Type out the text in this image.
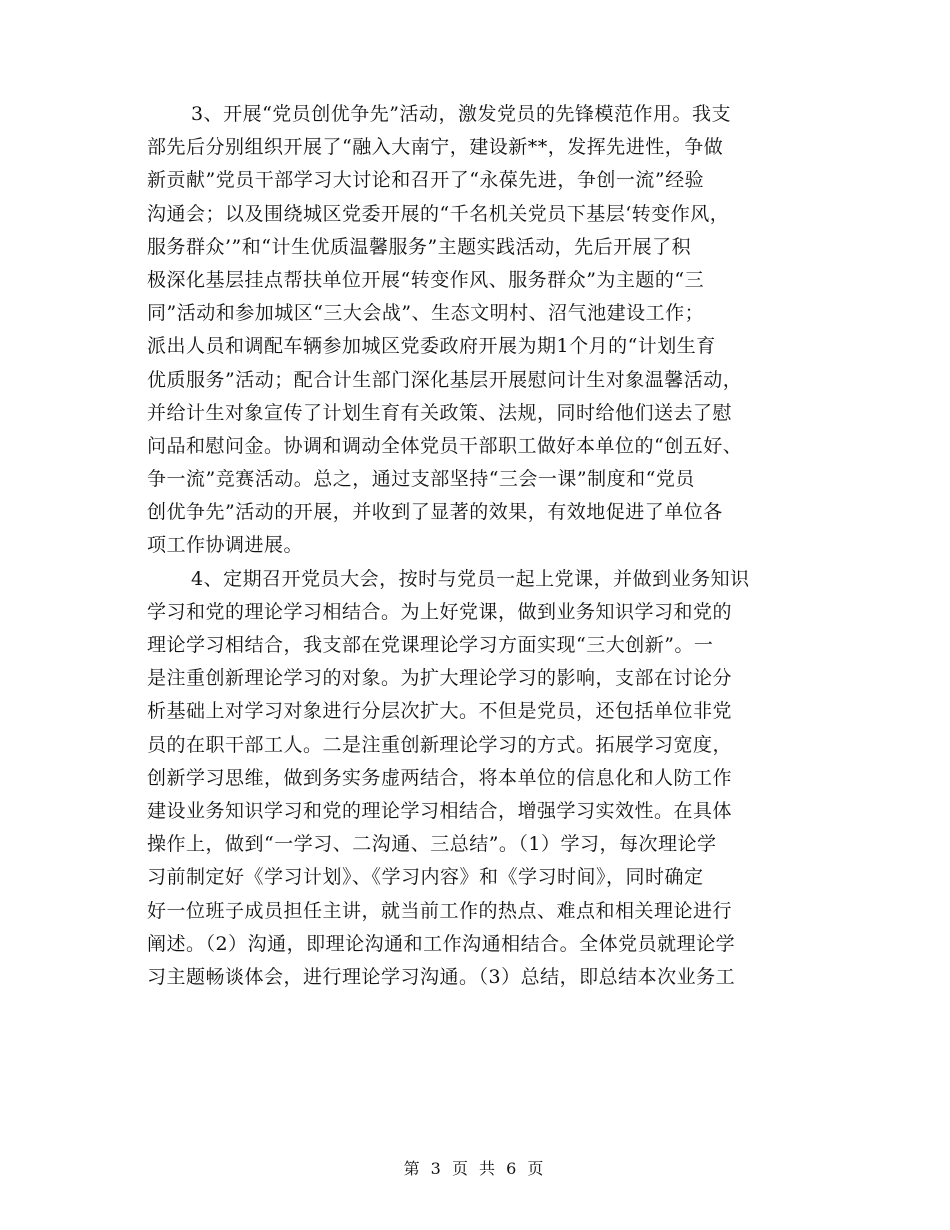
3、开展“党员创优争先”活动，激发党员的先锋模范作用。我支
部先后分别组织开展了“融入大南宁，建设新**，发挥先进性，争做
新贡献”党员干部学习大讨论和召开了“永葆先进，争创一流”经验
沟通会；以及围绕城区党委开展的“千名机关党员下基层‘转变作风，
服务群众’”和“计生优质温馨服务”主题实践活动，先后开展了积
极深化基层挂点帮扶单位开展“转变作风、服务群众”为主题的“三
同”活动和参加城区“三大会战”、生态文明村、沼气池建设工作；
派出人员和调配车辆参加城区党委政府开展为期1个月的“计划生育
优质服务”活动；配合计生部门深化基层开展慰问计生对象温馨活动，
并给计生对象宣传了计划生育有关政策、法规，同时给他们送去了慰
问品和慰问金。协调和调动全体党员干部职工做好本单位的“创五好、
争一流”竞赛活动。总之，通过支部坚持“三会一课”制度和“党员
创优争先”活动的开展，并收到了显著的效果，有效地促进了单位各
项工作协调进展。
4、定期召开党员大会，按时与党员一起上党课，并做到业务知识
学习和党的理论学习相结合。为上好党课，做到业务知识学习和党的
理论学习相结合，我支部在党课理论学习方面实现“三大创新”。一
是注重创新理论学习的对象。为扩大理论学习的影响，支部在讨论分
析基础上对学习对象进行分层次扩大。不但是党员，还包括单位非党
员的在职干部工人。二是注重创新理论学习的方式。拓展学习宽度，
创新学习思维，做到务实务虚两结合，将本单位的信息化和人防工作
建设业务知识学习和党的理论学习相结合，增强学习实效性。在具体
操作上，做到“一学习、二沟通、三总结”。（1）学习，每次理论学
习前制定好《学习计划》、《学习内容》和《学习时间》，同时确定
好一位班子成员担任主讲，就当前工作的热点、难点和相关理论进行
阐述。（2）沟通，即理论沟通和工作沟通相结合。全体党员就理论学
习主题畅谈体会，进行理论学习沟通。（3）总结，即总结本次业务工
第 3 页 共 6 页
